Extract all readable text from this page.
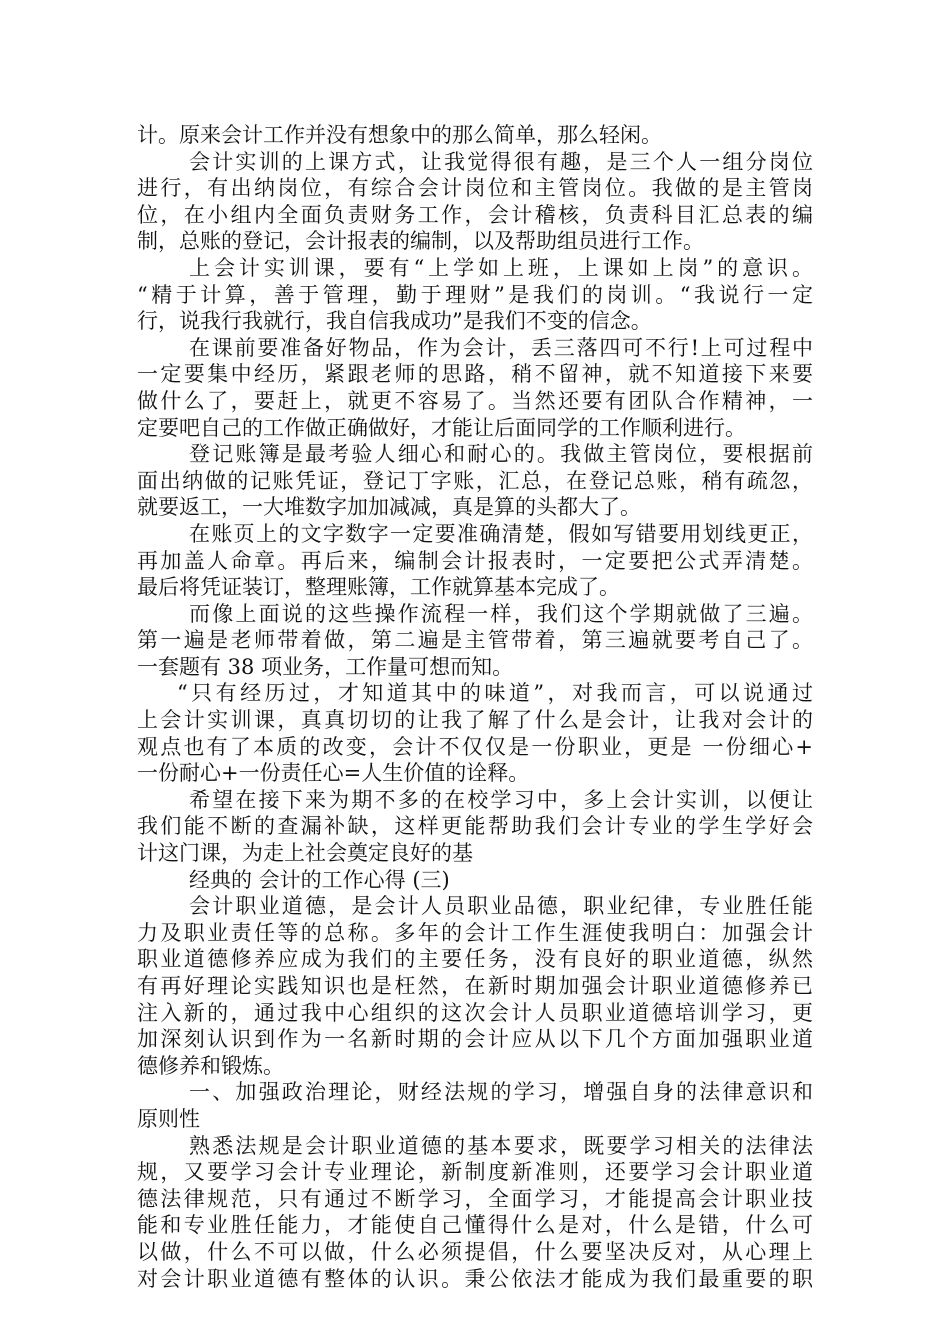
计。原来会计工作并没有想象中的那么简单，那么轻闲。
会计实训的上课方式，让我觉得很有趣，是三个人一组分岗位
进行，有出纳岗位，有综合会计岗位和主管岗位。我做的是主管岗
位，在小组内全面负责财务工作，会计稽核，负责科目汇总表的编
制，总账的登记，会计报表的编制，以及帮助组员进行工作。
上会计实训课，要有“上学如上班，上课如上岗”的意识。
“精于计算，善于管理，勤于理财”是我们的岗训。“我说行一定
行，说我行我就行，我自信我成功”是我们不变的信念。
在课前要准备好物品，作为会计，丢三落四可不行!上可过程中
一定要集中经历，紧跟老师的思路，稍不留神，就不知道接下来要
做什么了，要赶上，就更不容易了。当然还要有团队合作精神，一
定要吧自己的工作做正确做好，才能让后面同学的工作顺利进行。
登记账簿是最考验人细心和耐心的。我做主管岗位，要根据前
面出纳做的记账凭证，登记丁字账，汇总，在登记总账，稍有疏忽，
就要返工，一大堆数字加加减减，真是算的头都大了。
在账页上的文字数字一定要准确清楚，假如写错要用划线更正，
再加盖人命章。再后来，编制会计报表时，一定要把公式弄清楚。
最后将凭证装订，整理账簿，工作就算基本完成了。
而像上面说的这些操作流程一样，我们这个学期就做了三遍。
第一遍是老师带着做，第二遍是主管带着，第三遍就要考自己了。
一套题有 38 项业务，工作量可想而知。
“只有经历过，才知道其中的味道”，对我而言，可以说通过
上会计实训课，真真切切的让我了解了什么是会计，让我对会计的
观点也有了本质的改变，会计不仅仅是一份职业，更是 一份细心+
一份耐心+一份责任心=人生价值的诠释。
希望在接下来为期不多的在校学习中，多上会计实训，以便让
我们能不断的查漏补缺，这样更能帮助我们会计专业的学生学好会
计这门课，为走上社会奠定良好的基
经典的 会计的工作心得 (三)
会计职业道德，是会计人员职业品德，职业纪律，专业胜任能
力及职业责任等的总称。多年的会计工作生涯使我明白：加强会计
职业道德修养应成为我们的主要任务，没有良好的职业道德，纵然
有再好理论实践知识也是枉然，在新时期加强会计职业道德修养已
注入新的，通过我中心组织的这次会计人员职业道德培训学习，更
加深刻认识到作为一名新时期的会计应从以下几个方面加强职业道
德修养和锻炼。
一、加强政治理论，财经法规的学习，增强自身的法律意识和
原则性
熟悉法规是会计职业道德的基本要求，既要学习相关的法律法
规，又要学习会计专业理论，新制度新准则，还要学习会计职业道
德法律规范，只有通过不断学习，全面学习，才能提高会计职业技
能和专业胜任能力，才能使自己懂得什么是对，什么是错，什么可
以做，什么不可以做，什么必须提倡，什么要坚决反对，从心理上
对会计职业道德有整体的认识。秉公依法才能成为我们最重要的职
